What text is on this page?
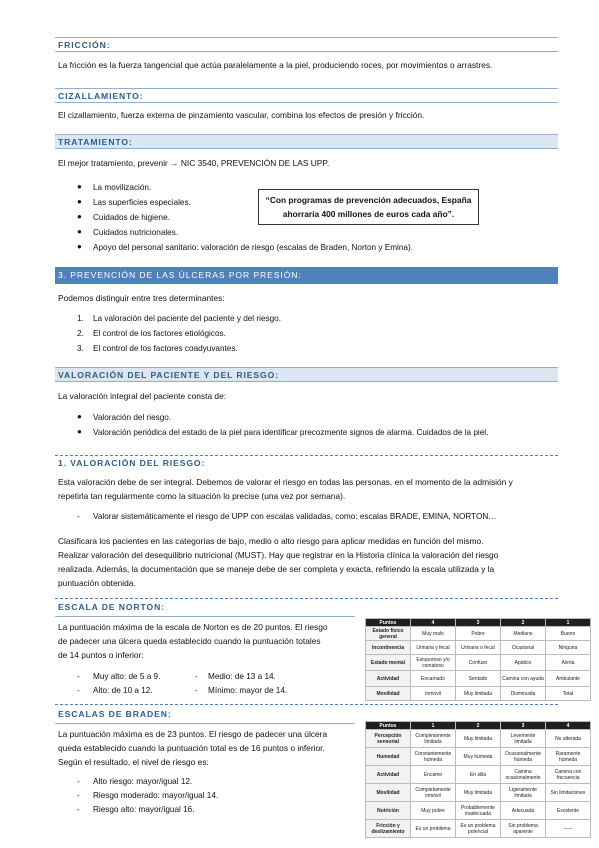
FRICCIÓN:
La fricción es la fuerza tangencial que actúa paralelamente a la piel, produciendo roces, por movimientos o arrastres.
CIZALLAMIENTO:
El cizallamiento, fuerza externa de pinzamiento vascular, combina los efectos de presión y fricción.
TRATAMIENTO:
El mejor tratamiento, prevenir → NIC 3540, PREVENCIÓN DE LAS UPP.
● La movilización.
● Las superficies especiales.
● Cuidados de higiene.
● Cuidados nutricionales.
● Apoyo del personal sanitario: valoración de riesgo (escalas de Braden, Norton y Emina).
“Con programas de prevención adecuados, España ahorraría 400 millones de euros cada año”.
3. PREVENCIÓN DE LAS ÚLCERAS POR PRESIÓN:
Podemos distinguir entre tres determinantes:
1. La valoración del paciente del paciente y del riesgo.
2. El control de los factores etiológicos.
3. El control de los factores coadyuvantes.
VALORACIÓN DEL PACIENTE Y DEL RIESGO:
La valoración integral del paciente consta de:
● Valoración del riesgo.
● Valoración periódica del estado de la piel para identificar precozmente signos de alarma. Cuidados de la piel.
1. VALORACIÓN DEL RIESGO:
Esta valoración debe de ser integral. Debemos de valorar el riesgo en todas las personas, en el momento de la admisión y
repetirla tan regularmente como la situación lo precise (una vez por semana).
- Valorar sistemáticamente el riesgo de UPP con escalas validadas, como: escalas BRADE, EMINA, NORTON…
Clasificara los pacientes en las categorías de bajo, medio o alto riesgo para aplicar medidas en función del mismo.
Realizar valoración del desequilibrio nutricional (MUST). Hay que registrar en la Historia clínica la valoración del riesgo
realizada. Además, la documentación que se maneje debe de ser completa y exacta, refiriendo la escala utilizada y la
puntuación obtenida.
ESCALA DE NORTON:
La puntuación máxima de la escala de Norton es de 20 puntos. El riesgo
de padecer una úlcera queda establecido cuando la puntuación totales
de 14 puntos o inferior:
- Muy alto: de 5 a 9.
- Alto: de 10 a 12.
- Medio: de 13 a 14.
- Mínimo: mayor de 14.
Puntos	4	3	2	1
Estado físico general	Muy malo	Pobre	Mediano	Bueno
Incontinencia	Urinaria y fecal	Urinaria o fecal	Ocasional	Ninguna
Estado mental	Estuporoso y/o comatoso	Confuso	Apático	Alerta
Actividad	Encamado	Sentado	Camina con ayuda	Ambulante
Movilidad	Inmóvil	Muy limitada	Disminuida	Total
ESCALAS DE BRADEN:
La puntuación máxima es de 23 puntos. El riesgo de padecer una úlcera
queda establecido cuando la puntuación total es de 16 puntos o inferior.
Según el resultado, el nivel de riesgo es:
- Alto riesgo: mayor/igual 12.
- Riesgo moderado: mayor/igual 14.
- Riesgo alto: mayor/igual 16.
Puntos	1	2	3	4
Percepción sensorial	Completamente limitada	Muy limitada	Levemente limitada	No alterada
Humedad	Constantemente húmeda	Muy húmeda	Ocasionalmente húmeda	Raramente húmeda
Actividad	Encamo	En silla	Camina ocasionalmente	Camina con frecuencia
Movilidad	Completamente inmóvil	Muy limitada	Ligeramente limitada	Sin limitaciones
Nutrición	Muy pobre	Probablemente inadecuada	Adecuada	Excelente
Fricción y deslizamiento	Es un problema	Es un problema potencial	Sin problema aparente	-----
